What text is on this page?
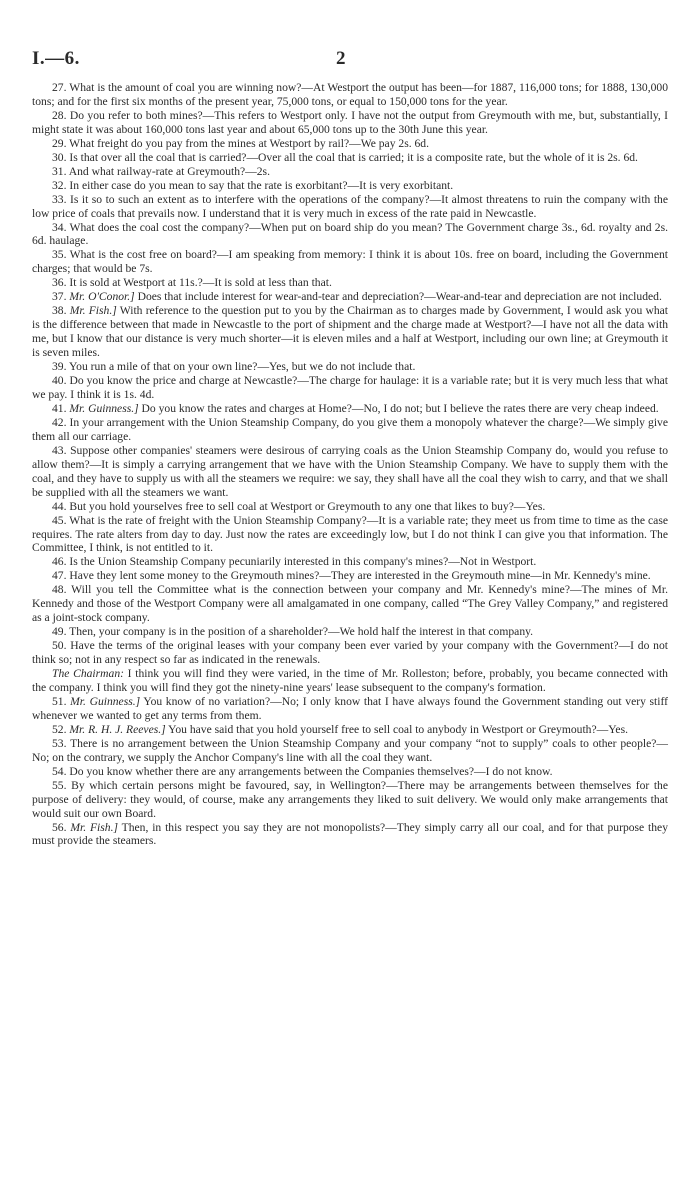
I.—6.	2

27. What is the amount of coal you are winning now?—At Westport the output has been—for 1887, 116,000 tons; for 1888, 130,000 tons; and for the first six months of the present year, 75,000 tons, or equal to 150,000 tons for the year.

28. Do you refer to both mines?—This refers to Westport only. I have not the output from Greymouth with me, but, substantially, I might state it was about 160,000 tons last year and about 65,000 tons up to the 30th June this year.

29. What freight do you pay from the mines at Westport by rail?—We pay 2s. 6d.

30. Is that over all the coal that is carried?—Over all the coal that is carried; it is a composite rate, but the whole of it is 2s. 6d.

31. And what railway-rate at Greymouth?—2s.

32. In either case do you mean to say that the rate is exorbitant?—It is very exorbitant.

33. Is it so to such an extent as to interfere with the operations of the company?—It almost threatens to ruin the company with the low price of coals that prevails now. I understand that it is very much in excess of the rate paid in Newcastle.

34. What does the coal cost the company?—When put on board ship do you mean? The Government charge 3s., 6d. royalty and 2s. 6d. haulage.

35. What is the cost free on board?—I am speaking from memory: I think it is about 10s. free on board, including the Government charges; that would be 7s.

36. It is sold at Westport at 11s.?—It is sold at less than that.

37. Mr. O'Conor.] Does that include interest for wear-and-tear and depreciation?—Wear-and-tear and depreciation are not included.

38. Mr. Fish.] With reference to the question put to you by the Chairman as to charges made by Government, I would ask you what is the difference between that made in Newcastle to the port of shipment and the charge made at Westport?—I have not all the data with me, but I know that our distance is very much shorter—it is eleven miles and a half at Westport, including our own line; at Greymouth it is seven miles.

39. You run a mile of that on your own line?—Yes, but we do not include that.

40. Do you know the price and charge at Newcastle?—The charge for haulage: it is a variable rate; but it is very much less that what we pay. I think it is 1s. 4d.

41. Mr. Guinness.] Do you know the rates and charges at Home?—No, I do not; but I believe the rates there are very cheap indeed.

42. In your arrangement with the Union Steamship Company, do you give them a monopoly whatever the charge?—We simply give them all our carriage.

43. Suppose other companies' steamers were desirous of carrying coals as the Union Steamship Company do, would you refuse to allow them?—It is simply a carrying arrangement that we have with the Union Steamship Company. We have to supply them with the coal, and they have to supply us with all the steamers we require: we say, they shall have all the coal they wish to carry, and that we shall be supplied with all the steamers we want.

44. But you hold yourselves free to sell coal at Westport or Greymouth to any one that likes to buy?—Yes.

45. What is the rate of freight with the Union Steamship Company?—It is a variable rate; they meet us from time to time as the case requires. The rate alters from day to day. Just now the rates are exceedingly low, but I do not think I can give you that information. The Committee, I think, is not entitled to it.

46. Is the Union Steamship Company pecuniarily interested in this company's mines?—Not in Westport.

47. Have they lent some money to the Greymouth mines?—They are interested in the Greymouth mine—in Mr. Kennedy's mine.

48. Will you tell the Committee what is the connection between your company and Mr. Kennedy's mine?—The mines of Mr. Kennedy and those of the Westport Company were all amalgamated in one company, called “The Grey Valley Company,” and registered as a joint-stock company.

49. Then, your company is in the position of a shareholder?—We hold half the interest in that company.

50. Have the terms of the original leases with your company been ever varied by your company with the Government?—I do not think so; not in any respect so far as indicated in the renewals.

The Chairman: I think you will find they were varied, in the time of Mr. Rolleston; before, probably, you became connected with the company. I think you will find they got the ninety-nine years' lease subsequent to the company's formation.

51. Mr. Guinness.] You know of no variation?—No; I only know that I have always found the Government standing out very stiff whenever we wanted to get any terms from them.

52. Mr. R. H. J. Reeves.] You have said that you hold yourself free to sell coal to anybody in Westport or Greymouth?—Yes.

53. There is no arrangement between the Union Steamship Company and your company “not to supply” coals to other people?—No; on the contrary, we supply the Anchor Company's line with all the coal they want.

54. Do you know whether there are any arrangements between the Companies themselves?—I do not know.

55. By which certain persons might be favoured, say, in Wellington?—There may be arrangements between themselves for the purpose of delivery: they would, of course, make any arrangements they liked to suit delivery. We would only make arrangements that would suit our own Board.

56. Mr. Fish.] Then, in this respect you say they are not monopolists?—They simply carry all our coal, and for that purpose they must provide the steamers.
